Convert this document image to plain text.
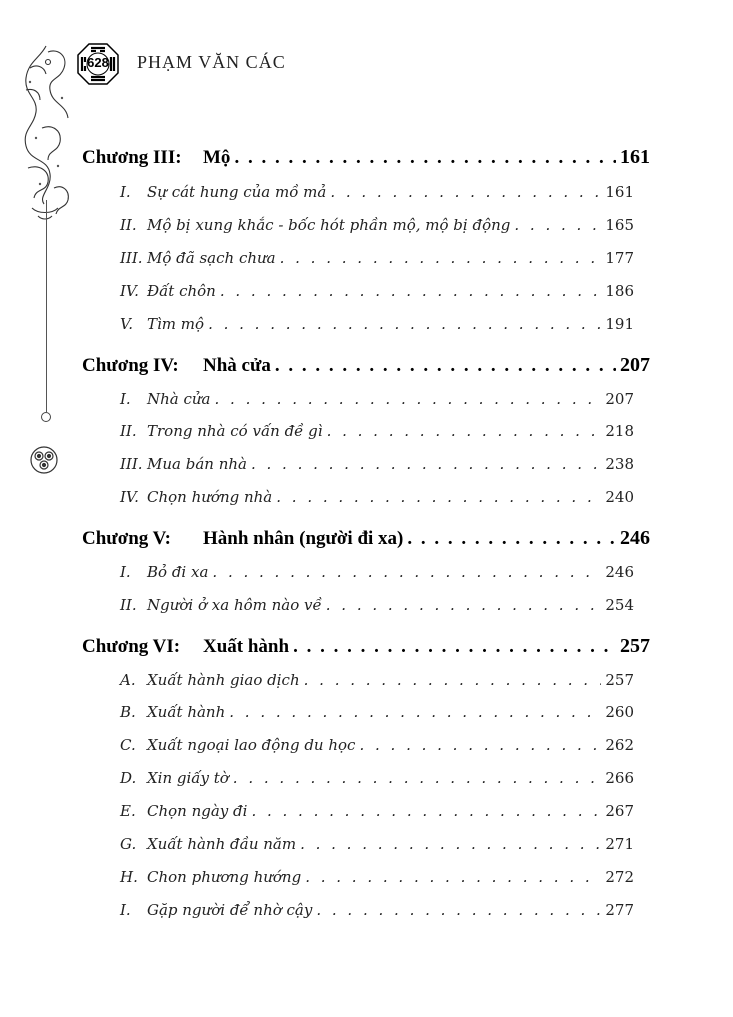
628	PHẠM VĂN CÁC
Chương III:	Mộ . . .	161
I.	Sự cát hung của mồ mả . . .	161
II. Mộ bị xung khắc - bốc hót phần mộ, mộ bị động . . .	165
III. Mộ đã sạch chưa . . .	177
IV. Đất chôn . . .	186
V. Tìm mộ . . .	191
Chương IV:	Nhà cửa . . .	207
I.	Nhà cửa . . .	207
II. Trong nhà có vấn đề gì . . .	218
III. Mua bán nhà . . .	238
IV. Chọn hướng nhà . . .	240
Chương V:	Hành nhân (người đi xa) . . .	246
I.	Bỏ đi xa . . .	246
II. Người ở xa hôm nào về . . .	254
Chương VI:	Xuất hành . . .	257
A. Xuất hành giao dịch . . .	257
B. Xuất hành . . .	260
C. Xuất ngoại lao động du học . . .	262
D. Xin giấy tờ . . .	266
E. Chọn ngày đi . . .	267
G. Xuất hành đầu năm . . .	271
H. Chon phương hướng . . .	272
I.	Gặp người để nhờ cậy . . .	277
